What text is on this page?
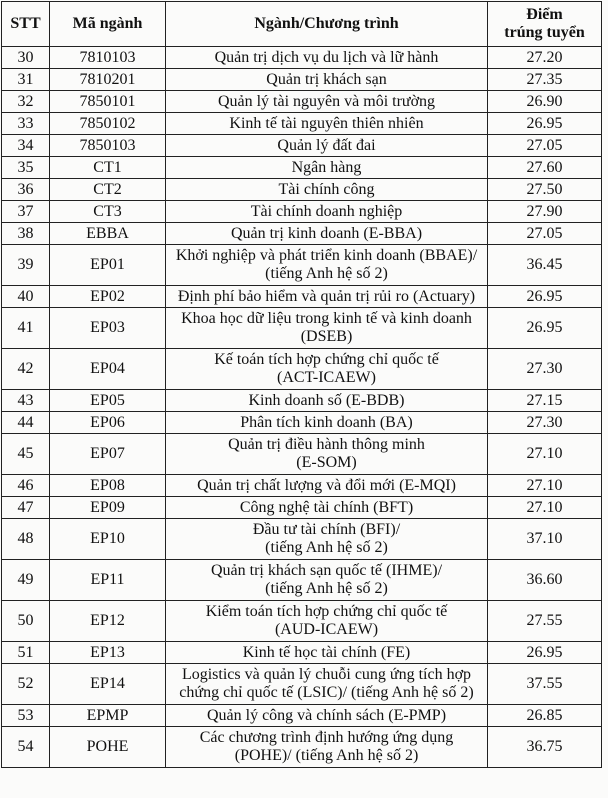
STT	Mã ngành	Ngành/Chương trình	Điểm
trúng tuyển
30	7810103	Quản trị dịch vụ du lịch và lữ hành	27.20
31	7810201	Quản trị khách sạn	27.35
32	7850101	Quản lý tài nguyên và môi trường	26.90
33	7850102	Kinh tế tài nguyên thiên nhiên	26.95
34	7850103	Quản lý đất đai	27.05
35	CT1	Ngân hàng	27.60
36	CT2	Tài chính công	27.50
37	CT3	Tài chính doanh nghiệp	27.90
38	EBBA	Quản trị kinh doanh (E-BBA)	27.05
39	EP01	Khởi nghiệp và phát triển kinh doanh (BBAE)/
(tiếng Anh hệ số 2)	36.45
40	EP02	Định phí bảo hiểm và quản trị rủi ro (Actuary)	26.95
41	EP03	Khoa học dữ liệu trong kinh tế và kinh doanh
(DSEB)	26.95
42	EP04	Kế toán tích hợp chứng chỉ quốc tế
(ACT-ICAEW)	27.30
43	EP05	Kinh doanh số (E-BDB)	27.15
44	EP06	Phân tích kinh doanh (BA)	27.30
45	EP07	Quản trị điều hành thông minh
(E-SOM)	27.10
46	EP08	Quản trị chất lượng và đổi mới (E-MQI)	27.10
47	EP09	Công nghệ tài chính (BFT)	27.10
48	EP10	Đầu tư tài chính (BFI)/
(tiếng Anh hệ số 2)	37.10
49	EP11	Quản trị khách sạn quốc tế (IHME)/
(tiếng Anh hệ số 2)	36.60
50	EP12	Kiểm toán tích hợp chứng chỉ quốc tế
(AUD-ICAEW)	27.55
51	EP13	Kinh tế học tài chính (FE)	26.95
52	EP14	Logistics và quản lý chuỗi cung ứng tích hợp
chứng chỉ quốc tế (LSIC)/ (tiếng Anh hệ số 2)	37.55
53	EPMP	Quản lý công và chính sách (E-PMP)	26.85
54	POHE	Các chương trình định hướng ứng dụng
(POHE)/ (tiếng Anh hệ số 2)	36.75
